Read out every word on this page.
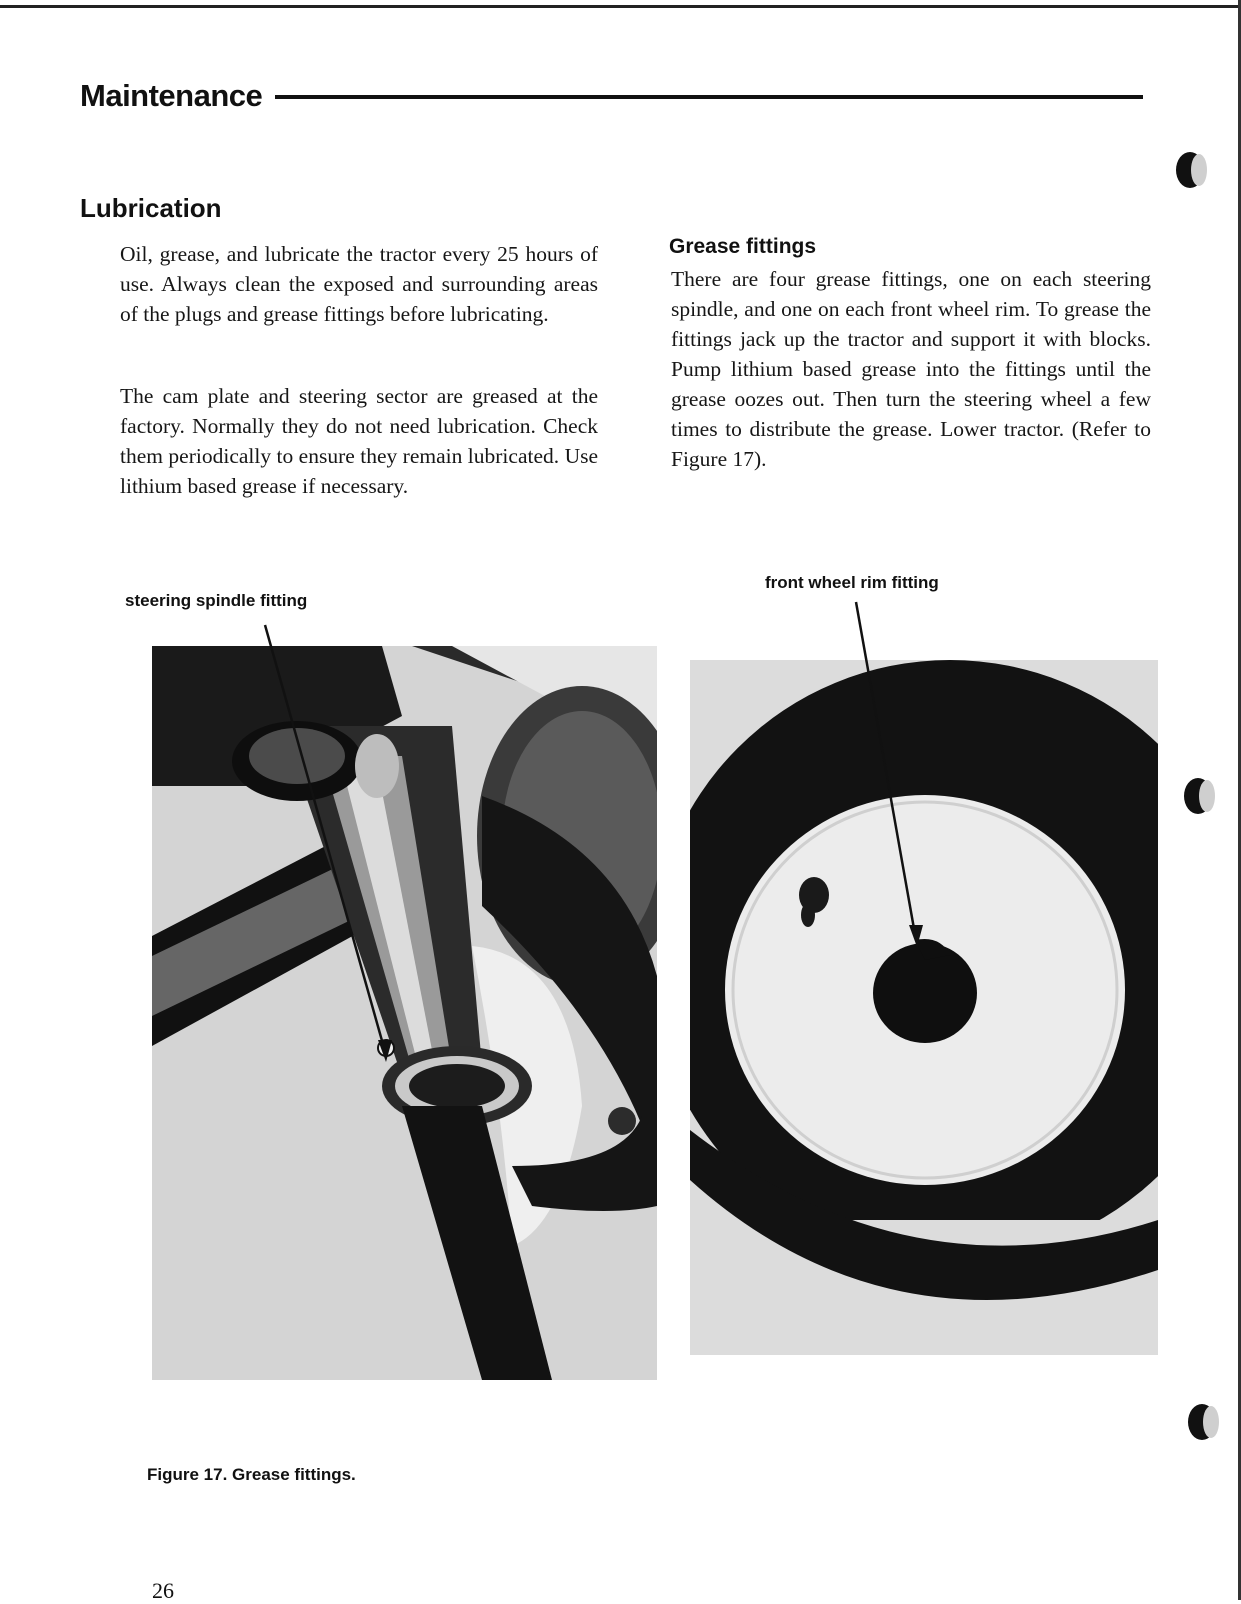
Maintenance
Lubrication

Oil, grease, and lubricate the tractor every 25 hours of use. Always clean the exposed and surrounding areas of the plugs and grease fittings before lubricating.

The cam plate and steering sector are greased at the factory. Normally they do not need lubrication. Check them periodically to ensure they remain lubricated. Use lithium based grease if necessary.

Grease fittings

There are four grease fittings, one on each steering spindle, and one on each front wheel rim. To grease the fittings jack up the tractor and support it with blocks. Pump lithium based grease into the fittings until the grease oozes out. Then turn the steering wheel a few times to distribute the grease. Lower tractor. (Refer to Figure 17).

steering spindle fitting
front wheel rim fitting
Figure 17. Grease fittings.
26
